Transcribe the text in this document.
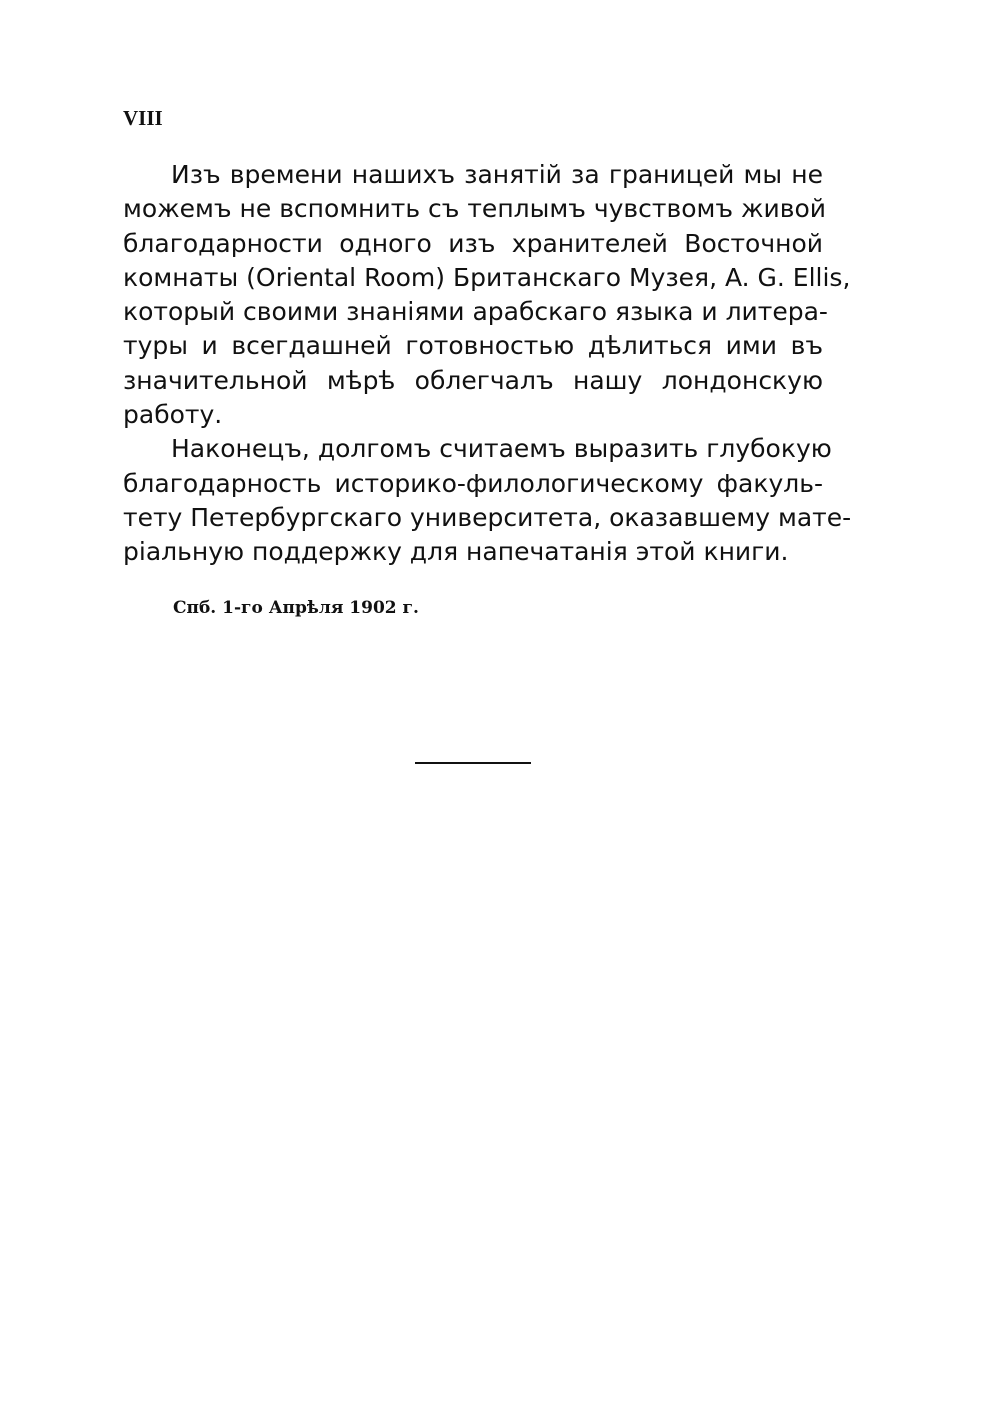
VIII
Изъ времени нашихъ занятій за границей мы не
можемъ не вспомнить съ теплымъ чувствомъ живой
благодарности одного изъ хранителей Восточной
комнаты (Oriental Room) Британскаго Музея, A. G. Ellis,
который своими знаніями арабскаго языка и литера-
туры и всегдашней готовностью дѣлиться ими въ
значительной мѣрѣ облегчалъ нашу лондонскую
работу.
Наконецъ, долгомъ считаемъ выразить глубокую
благодарность историко-филологическому факуль-
тету Петербургскаго университета, оказавшему мате-
ріальную поддержку для напечатанія этой книги.
Спб. 1-го Апрѣля 1902 г.
